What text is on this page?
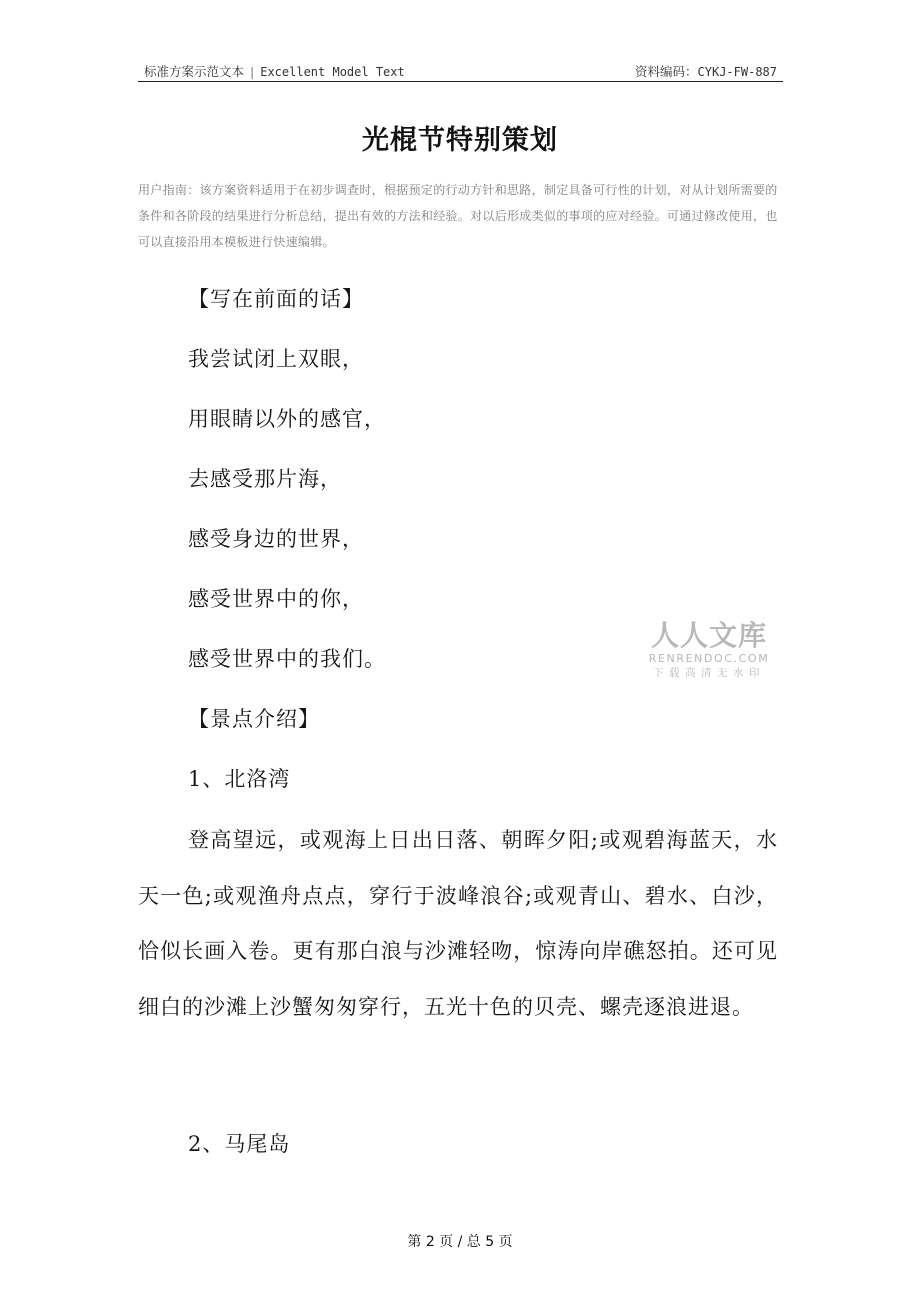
标准方案示范文本 | Excellent Model Text	资料编码：CYKJ-FW-887
光棍节特别策划
用户指南：该方案资料适用于在初步调查时，根据预定的行动方针和思路，制定具备可行性的计划，对从计划所需要的条件和各阶段的结果进行分析总结，提出有效的方法和经验。对以后形成类似的事项的应对经验。可通过修改使用，也可以直接沿用本模板进行快速编辑。
【写在前面的话】
我尝试闭上双眼，
用眼睛以外的感官，
去感受那片海，
感受身边的世界，
感受世界中的你，
感受世界中的我们。
【景点介绍】
1、北洛湾
登高望远，或观海上日出日落、朝晖夕阳;或观碧海蓝天，水天一色;或观渔舟点点，穿行于波峰浪谷;或观青山、碧水、白沙，恰似长画入卷。更有那白浪与沙滩轻吻，惊涛向岸礁怒拍。还可见细白的沙滩上沙蟹匆匆穿行，五光十色的贝壳、螺壳逐浪进退。
2、马尾岛
人人文库
RENRENDOC.COM
下载高清无水印
第 2 页 / 总 5 页
